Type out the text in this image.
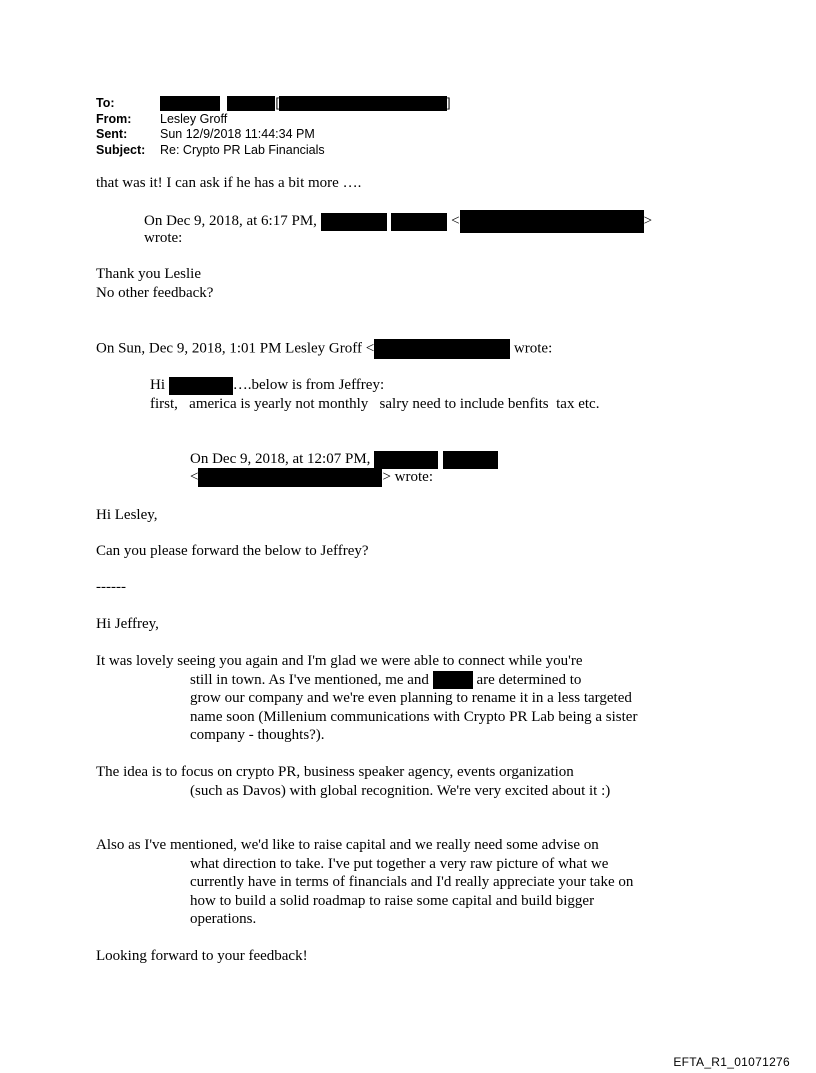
To:	[	]
From:	Lesley Groff
Sent:	Sun 12/9/2018 11:44:34 PM
Subject:	Re: Crypto PR Lab Financials
that was it! I can ask if he has a bit more ….
On Dec 9, 2018, at 6:17 PM,	<	>
wrote:
Thank you Leslie
No other feedback?
On Sun, Dec 9, 2018, 1:01 PM Lesley Groff <	wrote:
Hi	….below is from Jeffrey:
first,   america is yearly not monthly   salry need to include benfits  tax etc.
On Dec 9, 2018, at 12:07 PM,
<	> wrote:
Hi Lesley,
Can you please forward the below to Jeffrey?
------
Hi Jeffrey,
It was lovely seeing you again and I'm glad we were able to connect while you're
still in town. As I've mentioned, me and	are determined to
grow our company and we're even planning to rename it in a less targeted name soon (Millenium communications with Crypto PR Lab being a sister company - thoughts?).
The idea is to focus on crypto PR, business speaker agency, events organization
(such as Davos) with global recognition. We're very excited about it :)
Also as I've mentioned, we'd like to raise capital and we really need some advise on
what direction to take. I've put together a very raw picture of what we currently have in terms of financials and I'd really appreciate your take on how to build a solid roadmap to raise some capital and build bigger operations.
Looking forward to your feedback!
EFTA_R1_01071276
